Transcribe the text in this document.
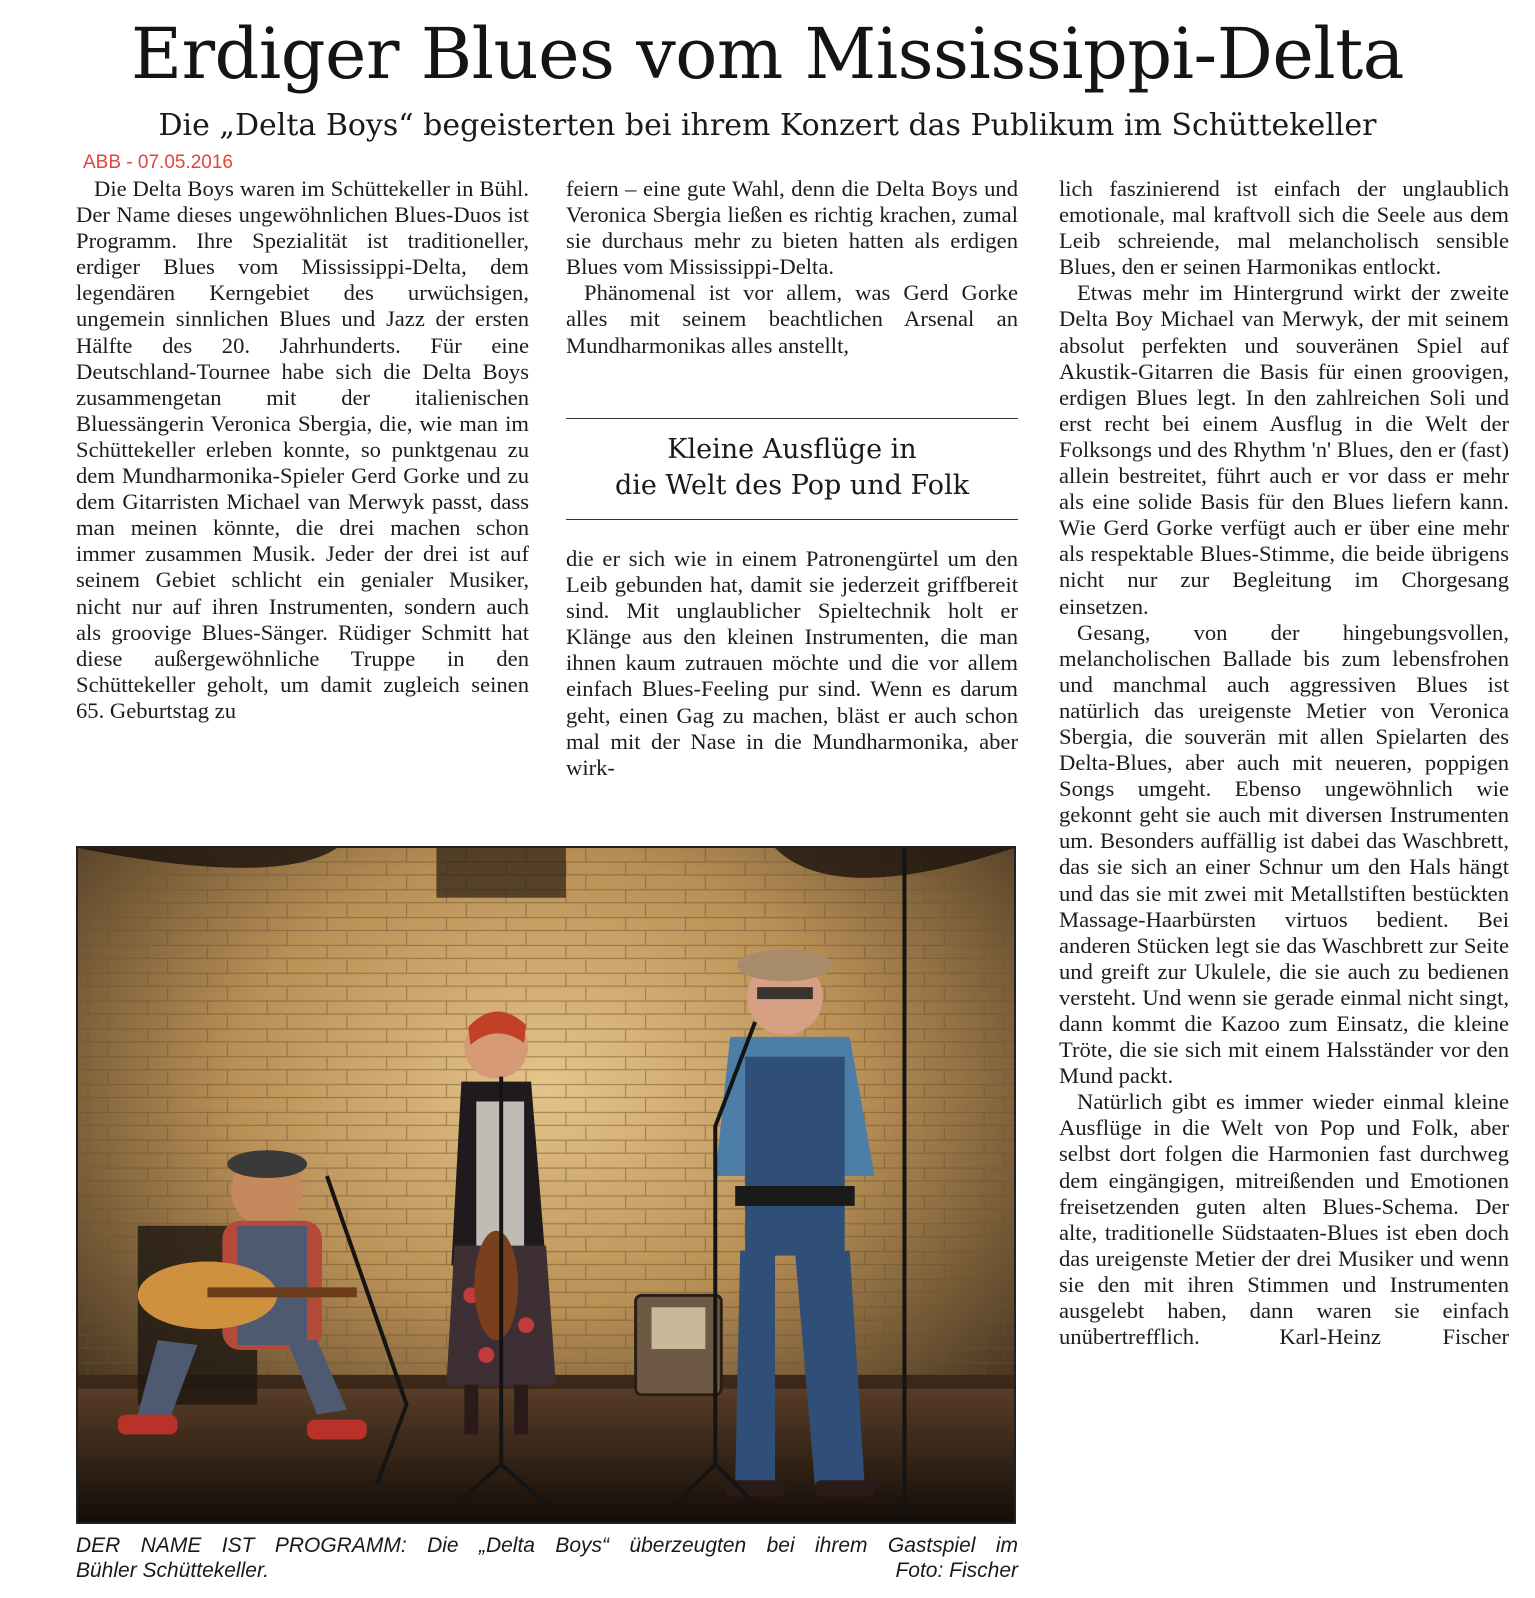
Erdiger Blues vom Mississippi-Delta
Die „Delta Boys“ begeisterten bei ihrem Konzert das Publikum im Schüttekeller
ABB - 07.05.2016

Die Delta Boys waren im Schüttekeller in Bühl. Der Name dieses ungewöhnlichen Blues-Duos ist Programm. Ihre Spezialität ist traditioneller, erdiger Blues vom Mississippi-Delta, dem legendären Kerngebiet des urwüchsigen, ungemein sinnlichen Blues und Jazz der ersten Hälfte des 20. Jahrhunderts. Für eine Deutschland-Tournee habe sich die Delta Boys zusammengetan mit der italienischen Bluessängerin Veronica Sbergia, die, wie man im Schüttekeller erleben konnte, so punktgenau zu dem Mundharmonika-Spieler Gerd Gorke und zu dem Gitarristen Michael van Merwyk passt, dass man meinen könnte, die drei machen schon immer zusammen Musik. Jeder der drei ist auf seinem Gebiet schlicht ein genialer Musiker, nicht nur auf ihren Instrumenten, sondern auch als groovige Blues-Sänger. Rüdiger Schmitt hat diese außergewöhnliche Truppe in den Schüttekeller geholt, um damit zugleich seinen 65. Geburtstag zu

feiern – eine gute Wahl, denn die Delta Boys und Veronica Sbergia ließen es richtig krachen, zumal sie durchaus mehr zu bieten hatten als erdigen Blues vom Mississippi-Delta.

Phänomenal ist vor allem, was Gerd Gorke alles mit seinem beachtlichen Arsenal an Mundharmonikas alles anstellt,

Kleine Ausflüge in
die Welt des Pop und Folk

die er sich wie in einem Patronengürtel um den Leib gebunden hat, damit sie jederzeit griffbereit sind. Mit unglaublicher Spieltechnik holt er Klänge aus den kleinen Instrumenten, die man ihnen kaum zutrauen möchte und die vor allem einfach Blues-Feeling pur sind. Wenn es darum geht, einen Gag zu machen, bläst er auch schon mal mit der Nase in die Mundharmonika, aber wirk-

lich faszinierend ist einfach der unglaublich emotionale, mal kraftvoll sich die Seele aus dem Leib schreiende, mal melancholisch sensible Blues, den er seinen Harmonikas entlockt.

Etwas mehr im Hintergrund wirkt der zweite Delta Boy Michael van Merwyk, der mit seinem absolut perfekten und souveränen Spiel auf Akustik-Gitarren die Basis für einen groovigen, erdigen Blues legt. In den zahlreichen Soli und erst recht bei einem Ausflug in die Welt der Folksongs und des Rhythm 'n' Blues, den er (fast) allein bestreitet, führt auch er vor dass er mehr als eine solide Basis für den Blues liefern kann. Wie Gerd Gorke verfügt auch er über eine mehr als respektable Blues-Stimme, die beide übrigens nicht nur zur Begleitung im Chorgesang einsetzen.

Gesang, von der hingebungsvollen, melancholischen Ballade bis zum lebensfrohen und manchmal auch aggressiven Blues ist natürlich das ureigenste Metier von Veronica Sbergia, die souverän mit allen Spielarten des Delta-Blues, aber auch mit neueren, poppigen Songs umgeht. Ebenso ungewöhnlich wie gekonnt geht sie auch mit diversen Instrumenten um. Besonders auffällig ist dabei das Waschbrett, das sie sich an einer Schnur um den Hals hängt und das sie mit zwei mit Metallstiften bestückten Massage-Haarbürsten virtuos bedient. Bei anderen Stücken legt sie das Waschbrett zur Seite und greift zur Ukulele, die sie auch zu bedienen versteht. Und wenn sie gerade einmal nicht singt, dann kommt die Kazoo zum Einsatz, die kleine Tröte, die sie sich mit einem Halsständer vor den Mund packt.

Natürlich gibt es immer wieder einmal kleine Ausflüge in die Welt von Pop und Folk, aber selbst dort folgen die Harmonien fast durchweg dem eingängigen, mitreißenden und Emotionen freisetzenden guten alten Blues-Schema. Der alte, traditionelle Südstaaten-Blues ist eben doch das ureigenste Metier der drei Musiker und wenn sie den mit ihren Stimmen und Instrumenten ausgelebt haben, dann waren sie einfach unübertrefflich.	Karl-Heinz Fischer

DER NAME IST PROGRAMM: Die „Delta Boys“ überzeugten bei ihrem Gastspiel im
Bühler Schüttekeller.	Foto: Fischer
